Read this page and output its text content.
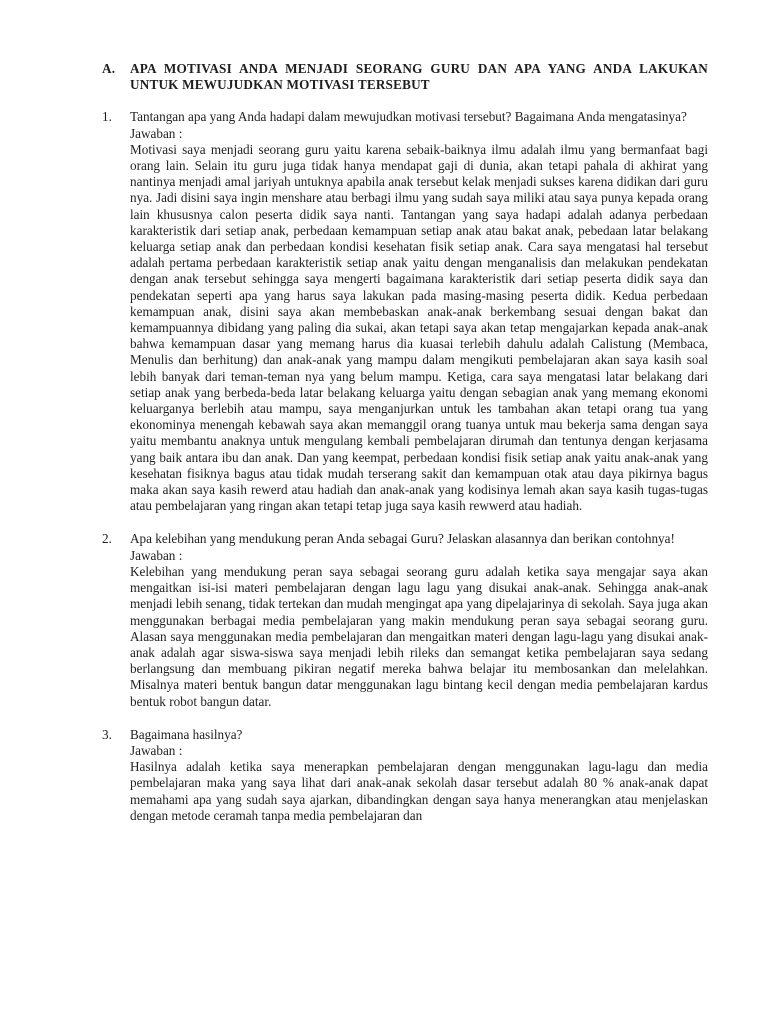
A.	APA MOTIVASI ANDA MENJADI SEORANG GURU DAN APA YANG ANDA LAKUKAN UNTUK MEWUJUDKAN MOTIVASI TERSEBUT
1.	Tantangan apa yang Anda hadapi dalam mewujudkan motivasi tersebut? Bagaimana Anda mengatasinya?
Jawaban :
Motivasi saya menjadi seorang guru yaitu karena sebaik-baiknya ilmu adalah ilmu yang bermanfaat bagi orang lain. Selain itu guru juga tidak hanya mendapat gaji di dunia, akan tetapi pahala di akhirat yang nantinya menjadi amal jariyah untuknya apabila anak tersebut kelak menjadi sukses karena didikan dari guru nya. Jadi disini saya ingin menshare atau berbagi ilmu yang sudah saya miliki atau saya punya kepada orang lain khususnya calon peserta didik saya nanti. Tantangan yang saya hadapi adalah adanya perbedaan karakteristik dari setiap anak, perbedaan kemampuan setiap anak atau bakat anak, pebedaan latar belakang keluarga setiap anak dan perbedaan kondisi kesehatan fisik setiap anak. Cara saya mengatasi hal tersebut adalah pertama perbedaan karakteristik setiap anak yaitu dengan menganalisis dan melakukan pendekatan dengan anak tersebut sehingga saya mengerti bagaimana karakteristik dari setiap peserta didik saya dan pendekatan seperti apa yang harus saya lakukan pada masing-masing peserta didik. Kedua perbedaan kemampuan anak, disini saya akan membebaskan anak-anak berkembang sesuai dengan bakat dan kemampuannya dibidang yang paling dia sukai, akan tetapi saya akan tetap mengajarkan kepada anak-anak bahwa kemampuan dasar yang memang harus dia kuasai terlebih dahulu adalah Calistung (Membaca, Menulis dan berhitung) dan anak-anak yang mampu dalam mengikuti pembelajaran akan saya kasih soal lebih banyak dari teman-teman nya yang belum mampu. Ketiga, cara saya mengatasi latar belakang dari setiap anak yang berbeda-beda latar belakang keluarga yaitu dengan sebagian anak yang memang ekonomi keluarganya berlebih atau mampu, saya menganjurkan untuk les tambahan akan tetapi orang tua yang ekonominya menengah kebawah saya akan memanggil orang tuanya untuk mau bekerja sama dengan saya yaitu membantu anaknya untuk mengulang kembali pembelajaran dirumah dan tentunya dengan kerjasama yang baik antara ibu dan anak. Dan yang keempat, perbedaan kondisi fisik setiap anak yaitu anak-anak yang kesehatan fisiknya bagus atau tidak mudah terserang sakit dan kemampuan otak atau daya pikirnya bagus maka akan saya kasih rewerd atau hadiah dan anak-anak yang kodisinya lemah akan saya kasih tugas-tugas atau pembelajaran yang ringan akan tetapi tetap juga saya kasih rewwerd atau hadiah.
2.	Apa kelebihan yang mendukung peran Anda sebagai Guru? Jelaskan alasannya dan berikan contohnya!
Jawaban :
Kelebihan yang mendukung peran saya sebagai seorang guru adalah ketika saya mengajar saya akan mengaitkan isi-isi materi pembelajaran dengan lagu lagu yang disukai anak-anak. Sehingga anak-anak menjadi lebih senang, tidak tertekan dan mudah mengingat apa yang dipelajarinya di sekolah. Saya juga akan menggunakan berbagai media pembelajaran yang makin mendukung peran saya sebagai seorang guru. Alasan saya menggunakan media pembelajaran dan mengaitkan materi dengan lagu-lagu yang disukai anak-anak adalah agar siswa-siswa saya menjadi lebih rileks dan semangat ketika pembelajaran saya sedang berlangsung dan membuang pikiran negatif mereka bahwa belajar itu membosankan dan melelahkan. Misalnya materi bentuk bangun datar menggunakan lagu bintang kecil dengan media pembelajaran kardus bentuk robot bangun datar.
3.	Bagaimana hasilnya?
Jawaban :
Hasilnya adalah ketika saya menerapkan pembelajaran dengan menggunakan lagu-lagu dan media pembelajaran maka yang saya lihat dari anak-anak sekolah dasar tersebut adalah 80 % anak-anak dapat memahami apa yang sudah saya ajarkan, dibandingkan dengan saya hanya menerangkan atau menjelaskan dengan metode ceramah tanpa media pembelajaran dan
